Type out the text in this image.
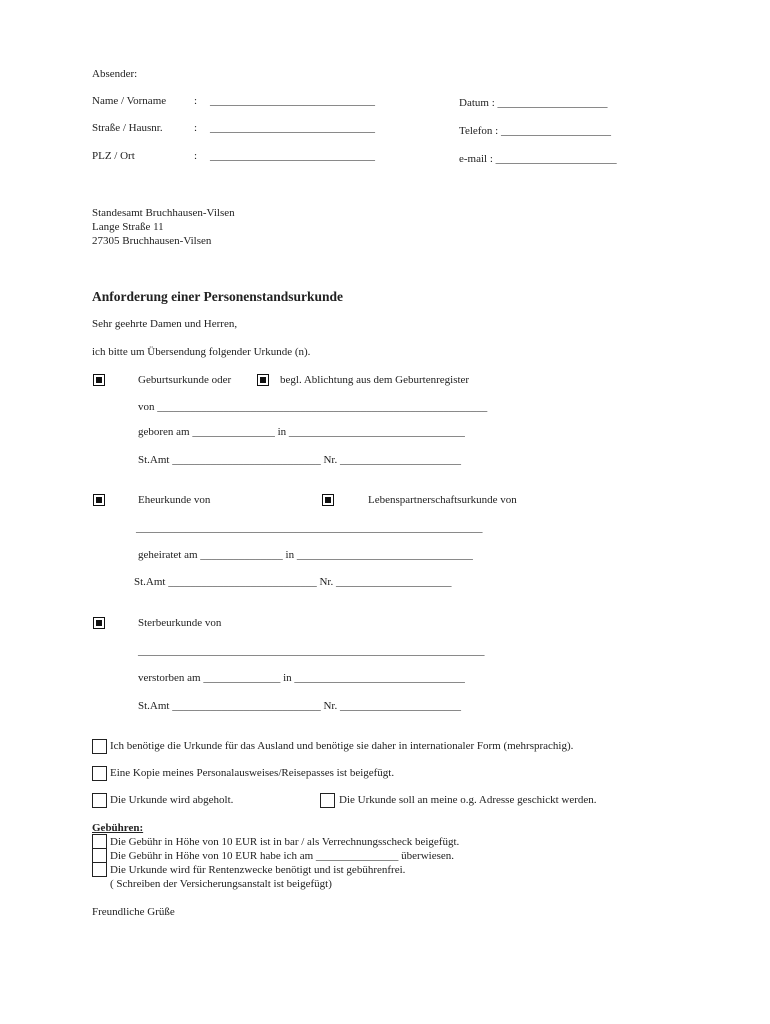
Absender:
Name / Vorname	: ______________________________	Datum : ____________________
Straße / Hausnr.	: ______________________________	Telefon : ____________________
PLZ / Ort	: ______________________________	e-mail : ______________________
Standesamt Bruchhausen-Vilsen
Lange Straße 11
27305 Bruchhausen-Vilsen
Anforderung einer Personenstandsurkunde
Sehr geehrte Damen und Herren,
ich bitte um Übersendung folgender Urkunde (n).
Geburtsurkunde oder	begl. Ablichtung aus dem Geburtenregister
von ____________________________________________________________
geboren am _______________ in ________________________________
St.Amt ___________________________ Nr. ______________________
Eheurkunde von	Lebenspartnerschaftsurkunde von
_______________________________________________________________
geheiratet am _______________ in ________________________________
St.Amt ___________________________ Nr. _____________________
Sterbeurkunde von
_______________________________________________________________
verstorben am ______________ in _______________________________
St.Amt ___________________________ Nr. ______________________
Ich benötige die Urkunde für das Ausland und benötige sie daher in internationaler Form (mehrsprachig).
Eine Kopie meines Personalausweises/Reisepasses ist beigefügt.
Die Urkunde wird abgeholt.	Die Urkunde soll an meine o.g. Adresse geschickt werden.
Gebühren:
Die Gebühr in Höhe von 10 EUR ist in bar / als Verrechnungsscheck beigefügt.
Die Gebühr in Höhe von 10 EUR habe ich am _______________ überwiesen.
Die Urkunde wird für Rentenzwecke benötigt und ist gebührenfrei.
( Schreiben der Versicherungsanstalt ist beigefügt)
Freundliche Grüße
